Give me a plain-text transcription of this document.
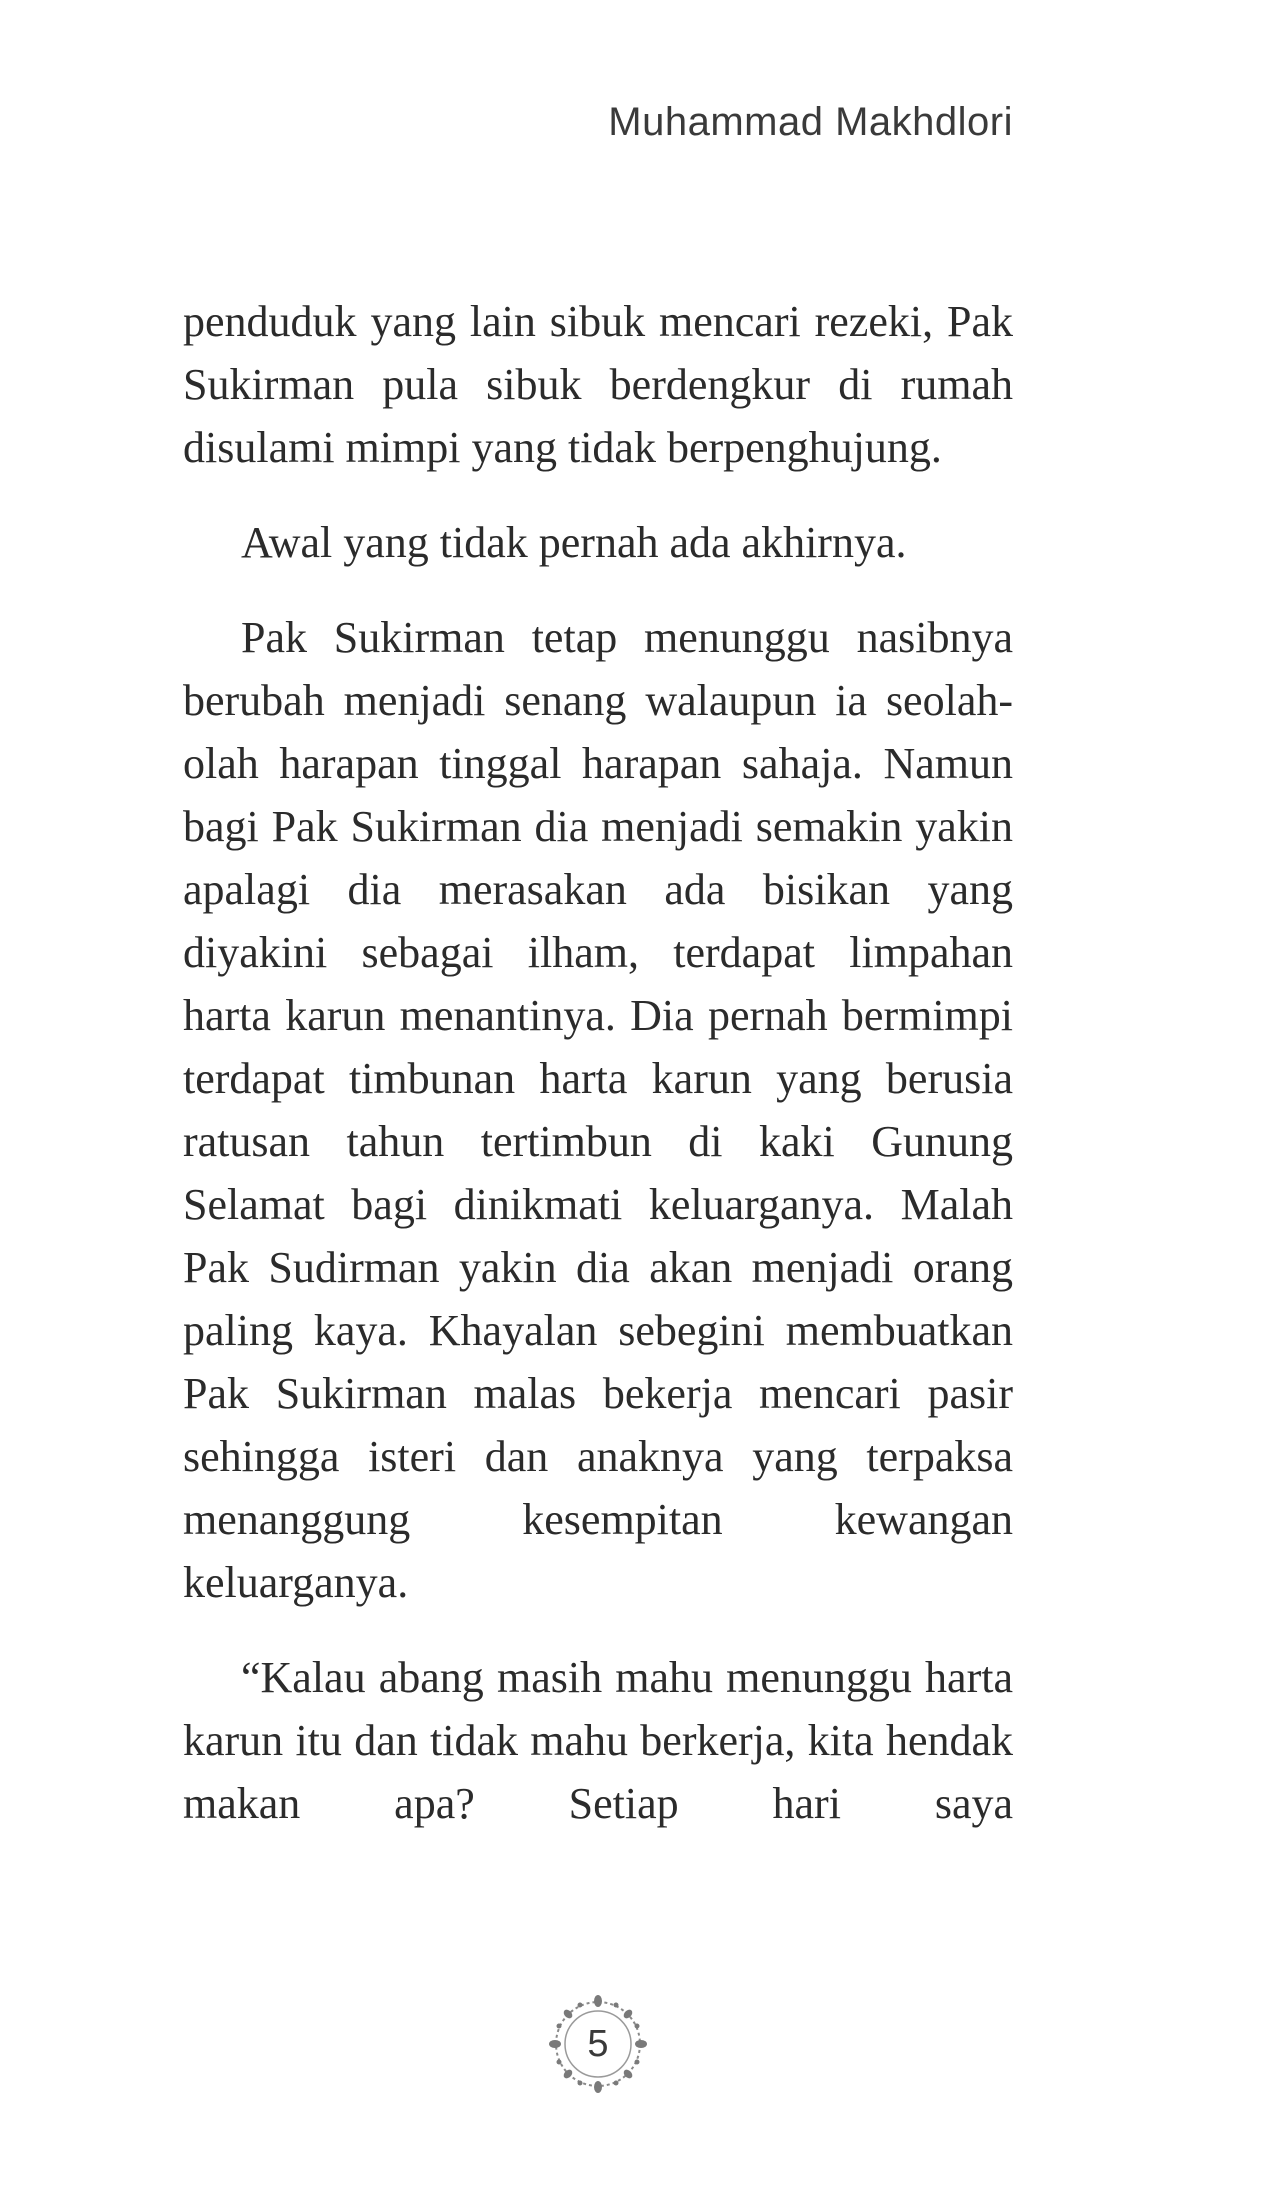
Muhammad Makhdlori

penduduk yang lain sibuk mencari rezeki, Pak Sukirman pula sibuk berdengkur di rumah disulami mimpi yang tidak berpenghujung.

Awal yang tidak pernah ada akhirnya.

Pak Sukirman tetap menunggu nasibnya berubah menjadi senang walaupun ia seolah-olah harapan tinggal harapan sahaja. Namun bagi Pak Sukirman dia menjadi semakin yakin apalagi dia merasakan ada bisikan yang diyakini sebagai ilham, terdapat limpahan harta karun menantinya. Dia pernah bermimpi terdapat timbunan harta karun yang berusia ratusan tahun tertimbun di kaki Gunung Selamat bagi dinikmati keluarganya. Malah Pak Sudirman yakin dia akan menjadi orang paling kaya. Khayalan sebegini membuatkan Pak Sukirman malas bekerja mencari pasir sehingga isteri dan anaknya yang terpaksa menanggung kesempitan kewangan keluarganya.

“Kalau abang masih mahu menunggu harta karun itu dan tidak mahu berkerja, kita hendak makan apa? Setiap hari saya

5
